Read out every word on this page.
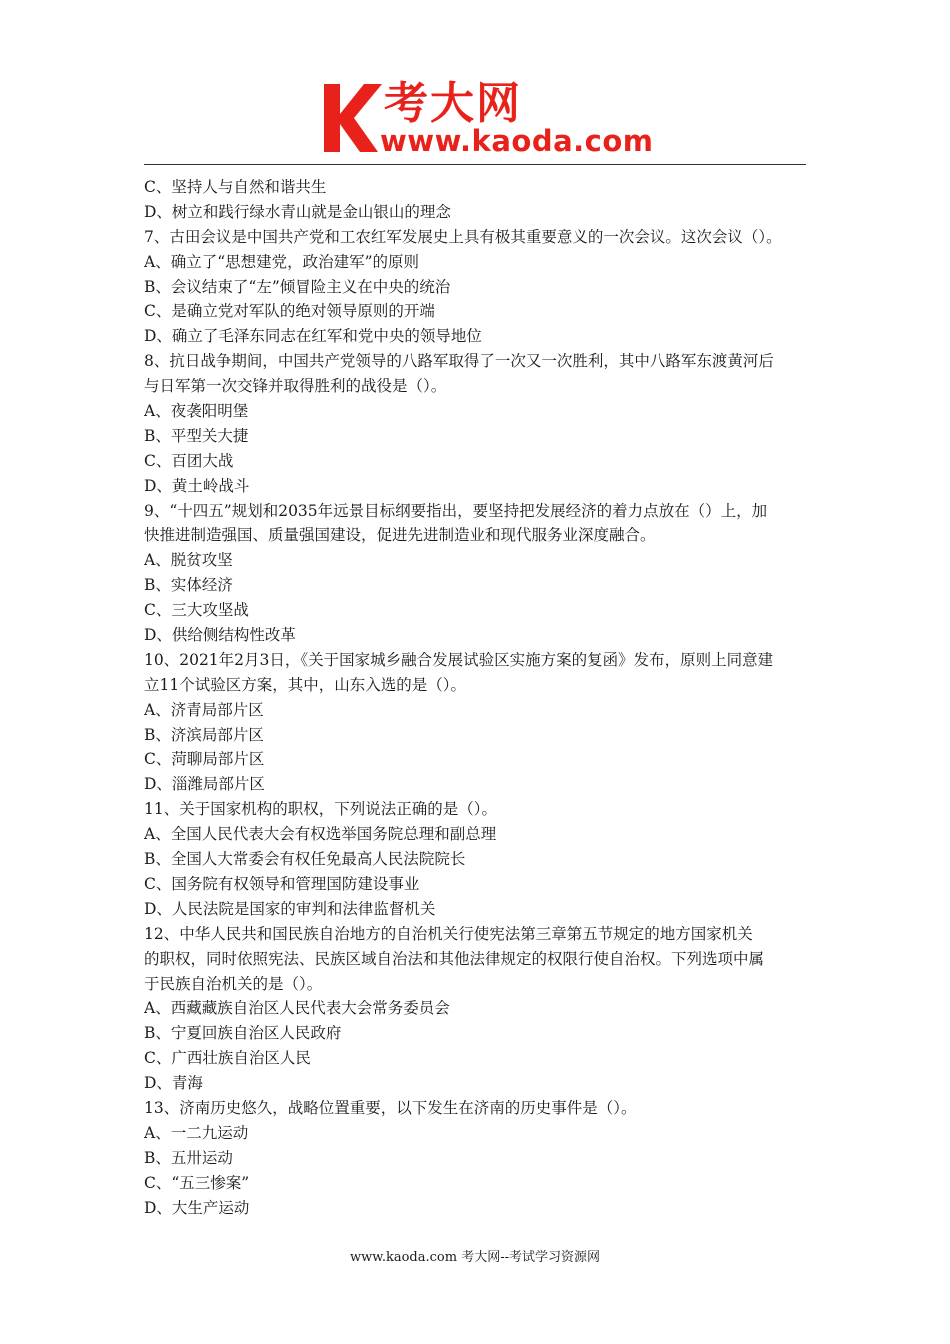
考大网
www.kaoda.com
C、坚持人与自然和谐共生
D、树立和践行绿水青山就是金山银山的理念
7、古田会议是中国共产党和工农红军发展史上具有极其重要意义的一次会议。这次会议（）。
A、确立了“思想建党，政治建军”的原则
B、会议结束了“左”倾冒险主义在中央的统治
C、是确立党对军队的绝对领导原则的开端
D、确立了毛泽东同志在红军和党中央的领导地位
8、抗日战争期间，中国共产党领导的八路军取得了一次又一次胜利，其中八路军东渡黄河后
与日军第一次交锋并取得胜利的战役是（）。
A、夜袭阳明堡
B、平型关大捷
C、百团大战
D、黄土岭战斗
9、“十四五”规划和2035年远景目标纲要指出，要坚持把发展经济的着力点放在（）上，加
快推进制造强国、质量强国建设，促进先进制造业和现代服务业深度融合。
A、脱贫攻坚
B、实体经济
C、三大攻坚战
D、供给侧结构性改革
10、2021年2月3日，《关于国家城乡融合发展试验区实施方案的复函》发布，原则上同意建
立11个试验区方案，其中，山东入选的是（）。
A、济青局部片区
B、济滨局部片区
C、菏聊局部片区
D、淄潍局部片区
11、关于国家机构的职权，下列说法正确的是（）。
A、全国人民代表大会有权选举国务院总理和副总理
B、全国人大常委会有权任免最高人民法院院长
C、国务院有权领导和管理国防建设事业
D、人民法院是国家的审判和法律监督机关
12、中华人民共和国民族自治地方的自治机关行使宪法第三章第五节规定的地方国家机关
的职权，同时依照宪法、民族区域自治法和其他法律规定的权限行使自治权。下列选项中属
于民族自治机关的是（）。
A、西藏藏族自治区人民代表大会常务委员会
B、宁夏回族自治区人民政府
C、广西壮族自治区人民
D、青海
13、济南历史悠久，战略位置重要，以下发生在济南的历史事件是（）。
A、一二九运动
B、五卅运动
C、“五三惨案”
D、大生产运动
www.kaoda.com 考大网--考试学习资源网
